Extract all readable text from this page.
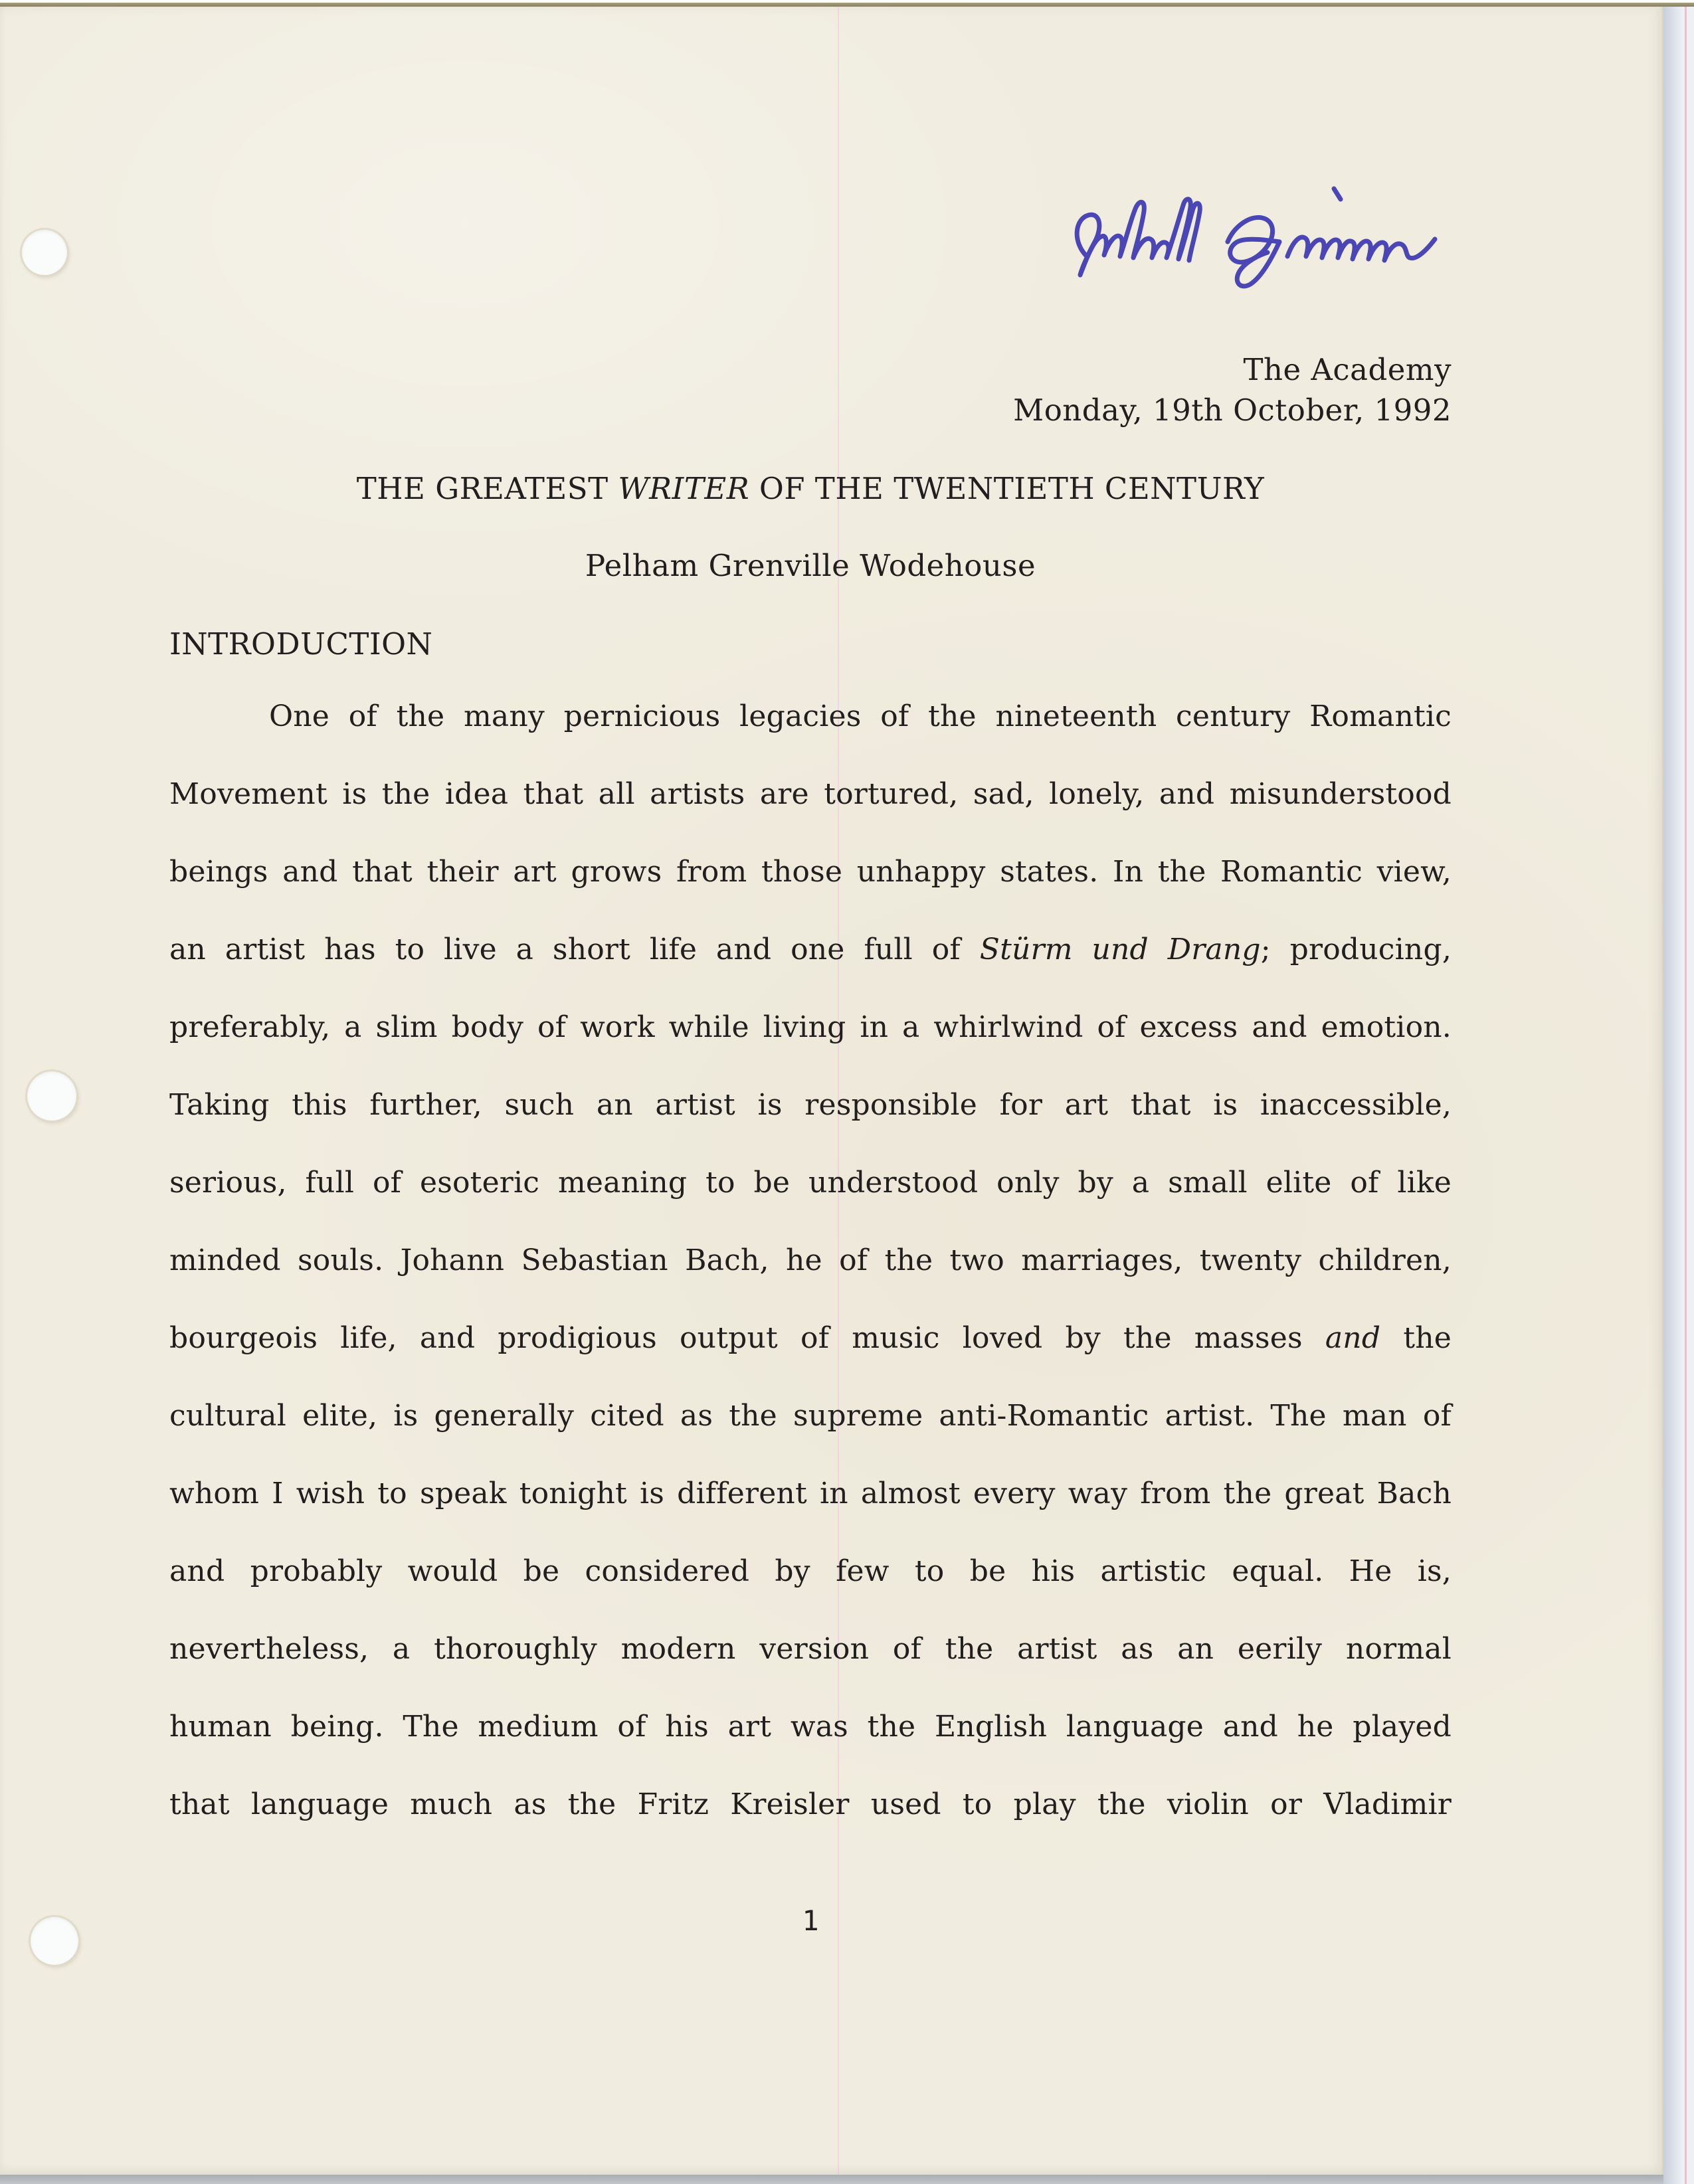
The Academy
Monday, 19th October, 1992
THE GREATEST WRITER OF THE TWENTIETH CENTURY
Pelham Grenville Wodehouse
INTRODUCTION
One of the many pernicious legacies of the nineteenth century Romantic
Movement is the idea that all artists are tortured, sad, lonely, and misunderstood
beings and that their art grows from those unhappy states. In the Romantic view,
an artist has to live a short life and one full of Stürm und Drang; producing,
preferably, a slim body of work while living in a whirlwind of excess and emotion.
Taking this further, such an artist is responsible for art that is inaccessible,
serious, full of esoteric meaning to be understood only by a small elite of like
minded souls. Johann Sebastian Bach, he of the two marriages, twenty children,
bourgeois life, and prodigious output of music loved by the masses and the
cultural elite, is generally cited as the supreme anti-Romantic artist. The man of
whom I wish to speak tonight is different in almost every way from the great Bach
and probably would be considered by few to be his artistic equal. He is,
nevertheless, a thoroughly modern version of the artist as an eerily normal
human being. The medium of his art was the English language and he played
that language much as the Fritz Kreisler used to play the violin or Vladimir
1
